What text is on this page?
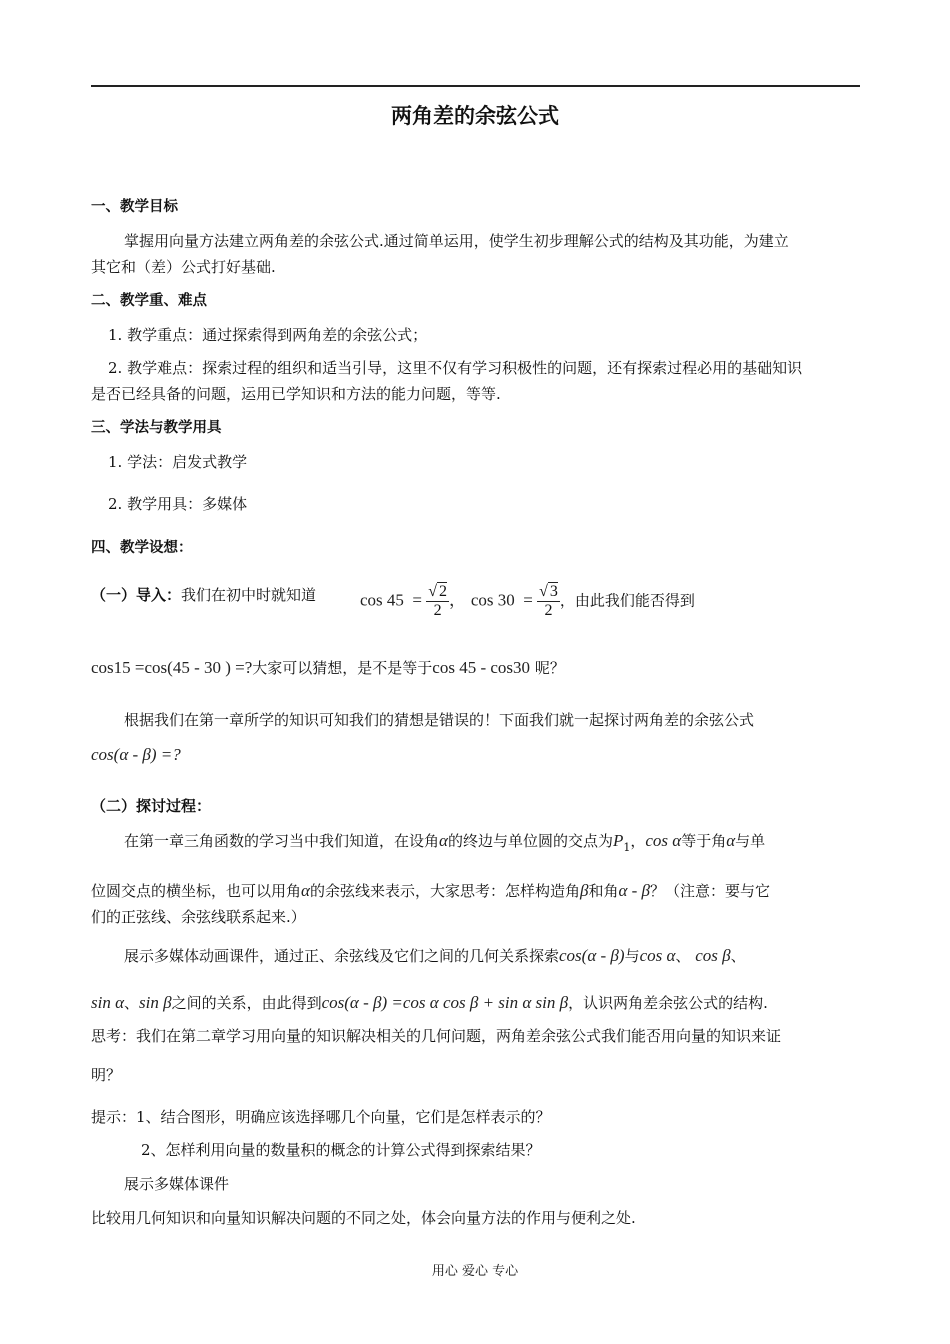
两角差的余弦公式
一、教学目标
掌握用向量方法建立两角差的余弦公式.通过简单运用，使学生初步理解公式的结构及其功能，为建立
其它和（差）公式打好基础.
二、教学重、难点
1. 教学重点：通过探索得到两角差的余弦公式；
2. 教学难点：探索过程的组织和适当引导，这里不仅有学习积极性的问题，还有探索过程必用的基础知识
是否已经具备的问题，运用已学知识和方法的能力问题，等等.
三、学法与教学用具
1. 学法：启发式教学
2. 教学用具：多媒体
四、教学设想：
（一）导入：我们在初中时就知道	$\cos 45 = \frac{√ 2}{2}$ ， $\cos 30 = \frac{√ 3}{2}$ ，由此我们能否得到
cos15 =cos(45 - 30 ) =?大家可以猜想，是不是等于cos 45 - cos30 呢？
根据我们在第一章所学的知识可知我们的猜想是错误的！下面我们就一起探讨两角差的余弦公式
cos(α - β) =?
（二）探讨过程：
在第一章三角函数的学习当中我们知道，在设角α的终边与单位圆的交点为$P_1$，cos α等于角α与单
位圆交点的横坐标，也可以用角α的余弦线来表示，大家思考：怎样构造角β和角α - β？（注意：要与它
们的正弦线、余弦线联系起来.）
展示多媒体动画课件，通过正、余弦线及它们之间的几何关系探索cos(α - β)与cos α、 cos β、
sin α、sin β之间的关系，由此得到cos(α - β) =cos α cos β + sin α sin β，认识两角差余弦公式的结构.
思考：我们在第二章学习用向量的知识解决相关的几何问题，两角差余弦公式我们能否用向量的知识来证
明？
提示：1、结合图形，明确应该选择哪几个向量，它们是怎样表示的？
2、怎样利用向量的数量积的概念的计算公式得到探索结果？
展示多媒体课件
比较用几何知识和向量知识解决问题的不同之处，体会向量方法的作用与便利之处.
用心 爱心 专心
